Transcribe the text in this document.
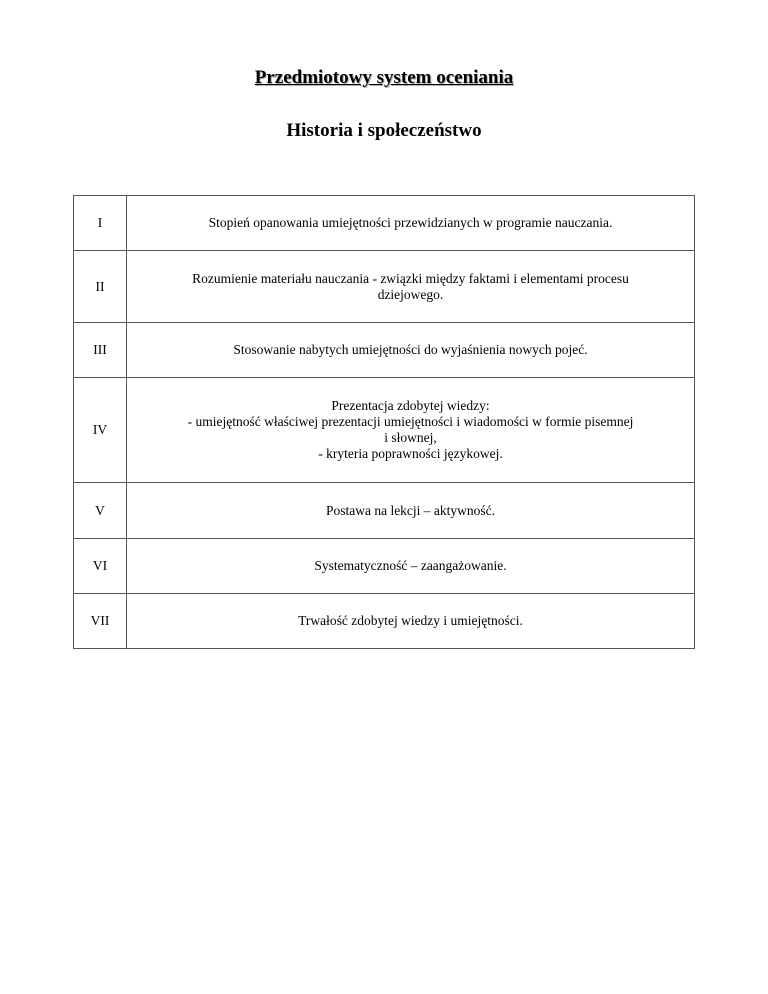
Przedmiotowy system oceniania
Historia i społeczeństwo
I	Stopień opanowania umiejętności przewidzianych w programie nauczania.

II	Rozumienie materiału nauczania - związki między faktami i elementami procesu
dziejowego.

III	Stosowanie nabytych umiejętności do wyjaśnienia nowych pojeć.

IV	Prezentacja zdobytej wiedzy:
- umiejętność właściwej prezentacji umiejętności i wiadomości w formie pisemnej
i słownej,
- kryteria poprawności językowej.

V	Postawa na lekcji – aktywność.

VI	Systematyczność – zaangażowanie.

VII	Trwałość zdobytej wiedzy i umiejętności.
